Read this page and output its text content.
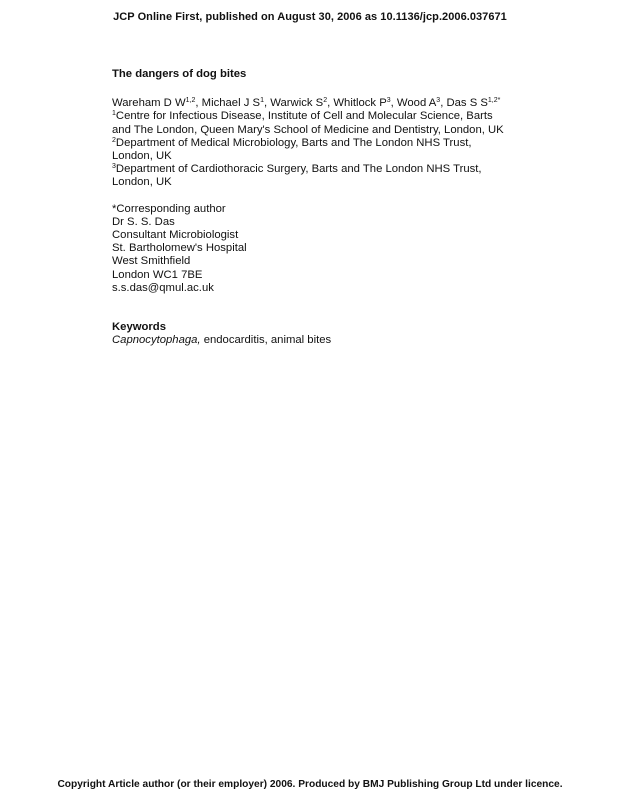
JCP Online First, published on August 30, 2006 as 10.1136/jcp.2006.037671
The dangers of dog bites
Wareham D W$^{1,2}$, Michael J $S^1$, Warwick $S^2$, Whitlock $P^3$, Wood $A^3$, Das S $S^{1,2*}$
$^1$Centre for Infectious Disease, Institute of Cell and Molecular Science, Barts and The London, Queen Mary's School of Medicine and Dentistry, London, UK
$^2$Department of Medical Microbiology, Barts and The London NHS Trust, London, UK
$^3$Department of Cardiothoracic Surgery, Barts and The London NHS Trust, London, UK
*Corresponding author
Dr S. S. Das
Consultant Microbiologist
St. Bartholomew's Hospital
West Smithfield
London WC1 7BE
s.s.das@qmul.ac.uk
Keywords
Capnocytophaga, endocarditis, animal bites
Copyright Article author (or their employer) 2006. Produced by BMJ Publishing Group Ltd under licence.
